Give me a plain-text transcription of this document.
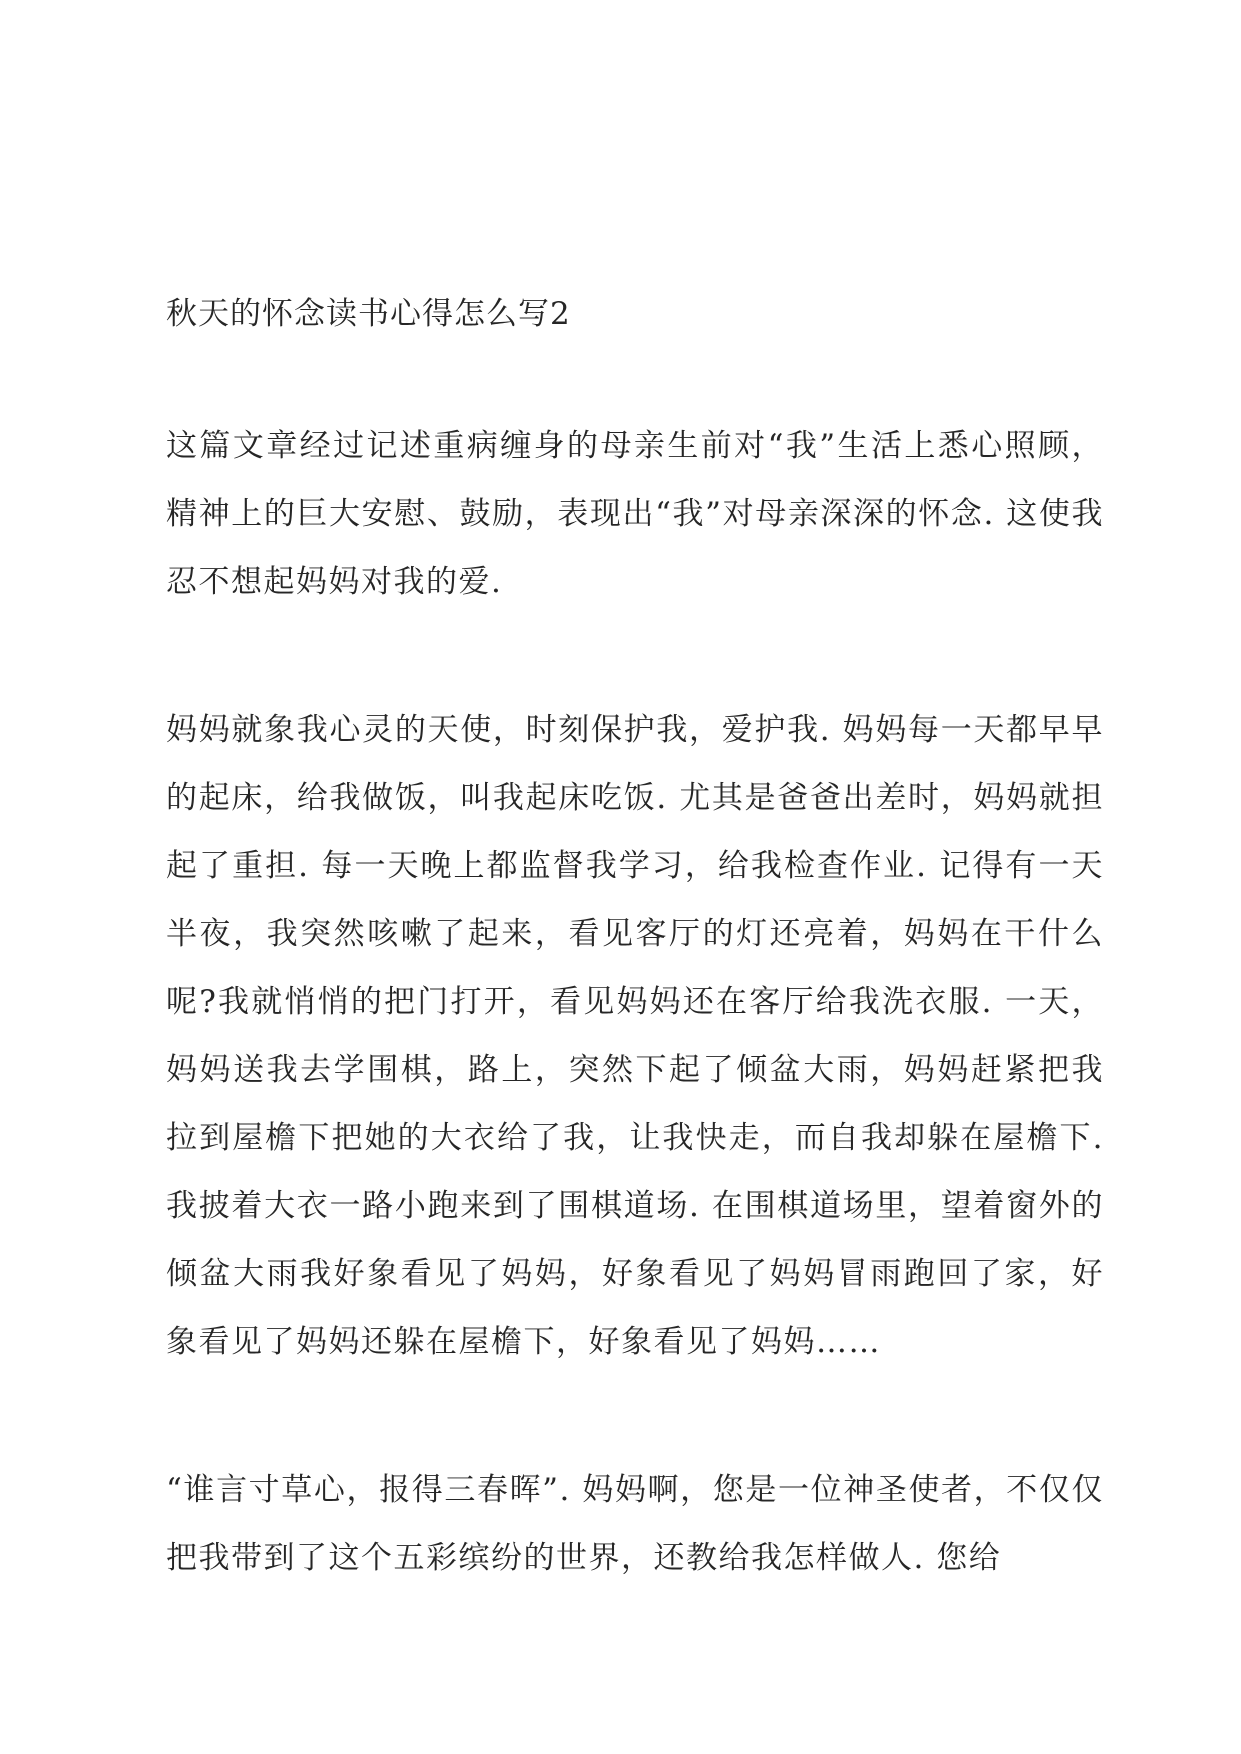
秋天的怀念读书心得怎么写2

这篇文章经过记述重病缠身的母亲生前对“我”生活上悉心照顾，精神上的巨大安慰、鼓励，表现出“我”对母亲深深的怀念. 这使我忍不想起妈妈对我的爱.

妈妈就象我心灵的天使，时刻保护我，爱护我. 妈妈每一天都早早的起床，给我做饭，叫我起床吃饭. 尤其是爸爸出差时，妈妈就担起了重担. 每一天晚上都监督我学习，给我检查作业. 记得有一天半夜，我突然咳嗽了起来，看见客厅的灯还亮着，妈妈在干什么呢?我就悄悄的把门打开，看见妈妈还在客厅给我洗衣服. 一天，妈妈送我去学围棋，路上，突然下起了倾盆大雨，妈妈赶紧把我拉到屋檐下把她的大衣给了我，让我快走，而自我却躲在屋檐下. 我披着大衣一路小跑来到了围棋道场. 在围棋道场里，望着窗外的倾盆大雨我好象看见了妈妈，好象看见了妈妈冒雨跑回了家，好象看见了妈妈还躲在屋檐下，好象看见了妈妈……

“谁言寸草心，报得三春晖”. 妈妈啊，您是一位神圣使者，不仅仅把我带到了这个五彩缤纷的世界，还教给我怎样做人. 您给
